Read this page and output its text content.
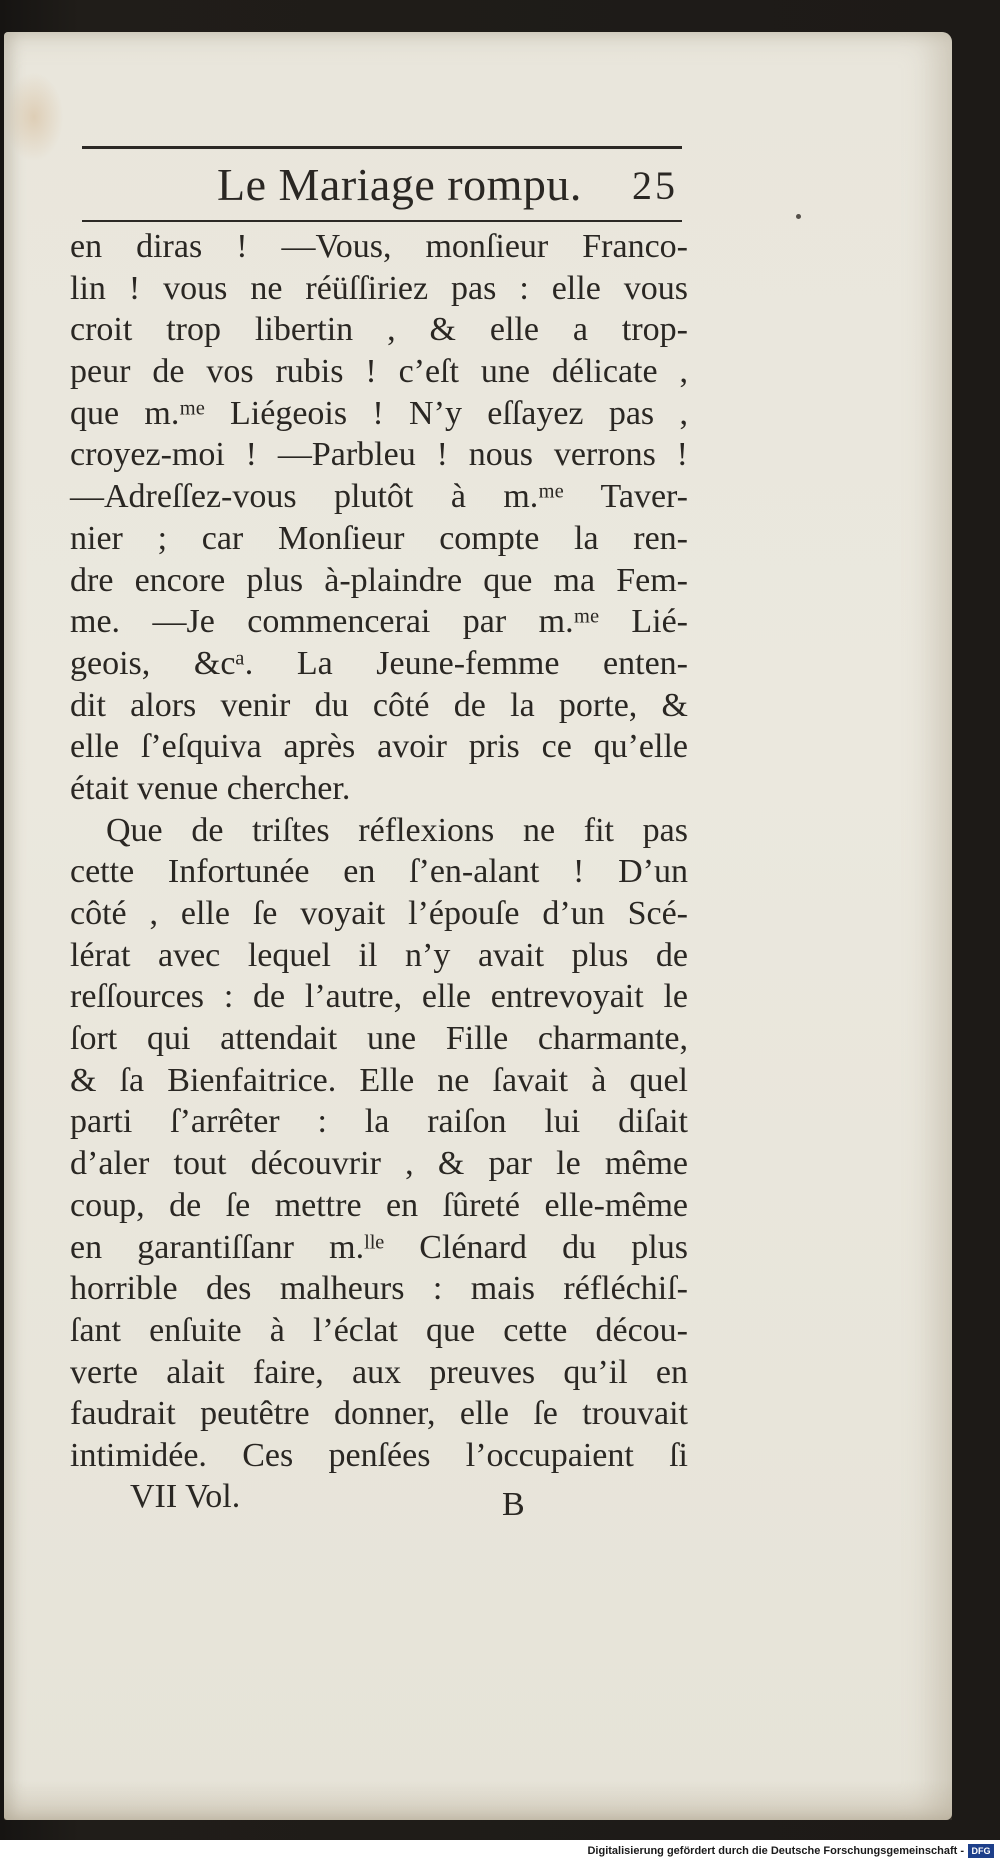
Le Mariage rompu. 25
en diras ! —Vous, monſieur Franco-
lin ! vous ne réüſſiriez pas : elle vous
croit trop libertin , & elle a trop-
peur de vos rubis ! c’eſt une délicate ,
que m.ᵐᵉ Liégeois ! N’y eſſayez pas ,
croyez-moi ! —Parbleu ! nous verrons !
—Adreſſez-vous plutôt à m.ᵐᵉ Taver-
nier ; car Monſieur compte la ren-
dre encore plus à-plaindre que ma Fem-
me. —Je commencerai par m.ᵐᵉ Lié-
geois, &cᵃ. La Jeune-femme enten-
dit alors venir du côté de la porte, &
elle ſ’eſquiva après avoir pris ce qu’elle
était venue chercher.
Que de triſtes réflexions ne fit pas
cette Infortunée en ſ’en-alant ! D’un
côté , elle ſe voyait l’épouſe d’un Scé-
lérat avec lequel il n’y avait plus de
reſſources : de l’autre, elle entrevoyait le
ſort qui attendait une Fille charmante,
& ſa Bienfaitrice. Elle ne ſavait à quel
parti ſ’arrêter : la raiſon lui diſait
d’aler tout découvrir , & par le même
coup, de ſe mettre en ſûreté elle-même
en garantiſſanr m.ˡˡᵉ Clénard du plus
horrible des malheurs : mais réfléchiſ-
ſant enſuite à l’éclat que cette décou-
verte alait faire, aux preuves qu’il en
faudrait peutêtre donner, elle ſe trouvait
intimidée. Ces penſées l’occupaient ſi
VII Vol.	B
Digitalisierung gefördert durch die Deutsche Forschungsgemeinschaft - DFG
